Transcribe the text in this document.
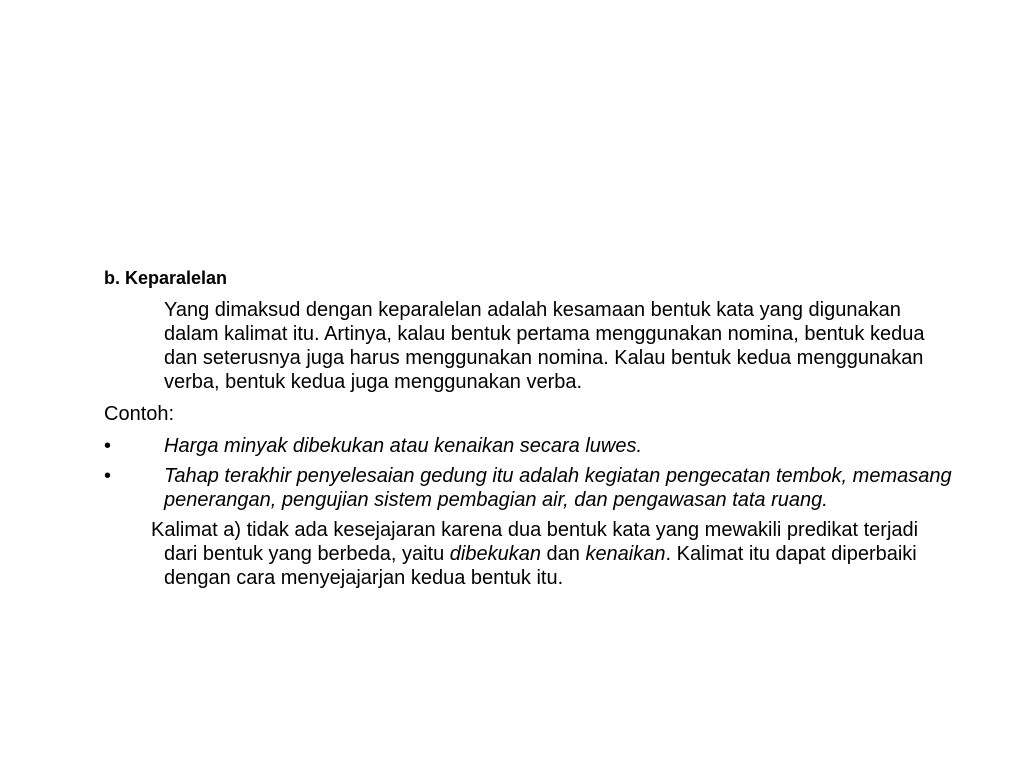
b. Keparalelan
Yang dimaksud dengan keparalelan adalah kesamaan bentuk kata yang digunakan dalam kalimat itu. Artinya, kalau bentuk pertama menggunakan nomina, bentuk kedua dan seterusnya juga harus menggunakan nomina. Kalau bentuk kedua menggunakan verba, bentuk kedua juga menggunakan verba.
Contoh:
•	Harga minyak dibekukan atau kenaikan secara luwes.
•	Tahap terakhir penyelesaian gedung itu adalah kegiatan pengecatan tembok, memasang penerangan, pengujian sistem pembagian air, dan pengawasan tata ruang.
Kalimat a) tidak ada kesejajaran karena dua bentuk kata yang mewakili predikat terjadi dari bentuk yang berbeda, yaitu dibekukan dan kenaikan. Kalimat itu dapat diperbaiki dengan cara menyejajarjan kedua bentuk itu.
